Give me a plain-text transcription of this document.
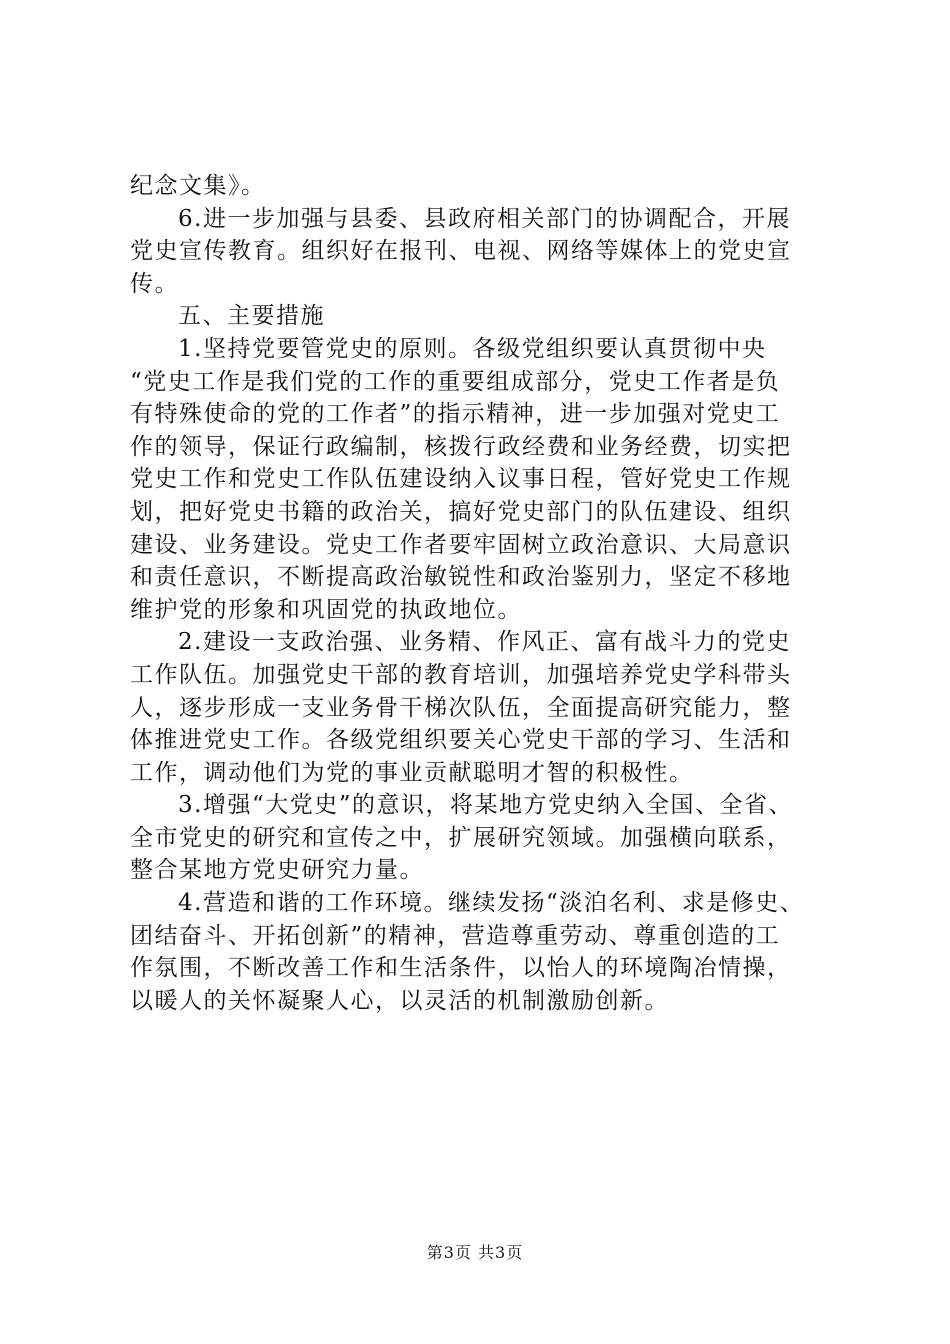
纪念文集》。
6.进一步加强与县委、县政府相关部门的协调配合，开展
党史宣传教育。组织好在报刊、电视、网络等媒体上的党史宣
传。
五、主要措施
1.坚持党要管党史的原则。各级党组织要认真贯彻中央
“党史工作是我们党的工作的重要组成部分，党史工作者是负
有特殊使命的党的工作者”的指示精神，进一步加强对党史工
作的领导，保证行政编制，核拨行政经费和业务经费，切实把
党史工作和党史工作队伍建设纳入议事日程，管好党史工作规
划，把好党史书籍的政治关，搞好党史部门的队伍建设、组织
建设、业务建设。党史工作者要牢固树立政治意识、大局意识
和责任意识，不断提高政治敏锐性和政治鉴别力，坚定不移地
维护党的形象和巩固党的执政地位。
2.建设一支政治强、业务精、作风正、富有战斗力的党史
工作队伍。加强党史干部的教育培训，加强培养党史学科带头
人，逐步形成一支业务骨干梯次队伍，全面提高研究能力，整
体推进党史工作。各级党组织要关心党史干部的学习、生活和
工作，调动他们为党的事业贡献聪明才智的积极性。
3.增强“大党史”的意识，将某地方党史纳入全国、全省、
全市党史的研究和宣传之中，扩展研究领域。加强横向联系，
整合某地方党史研究力量。
4.营造和谐的工作环境。继续发扬“淡泊名利、求是修史、
团结奋斗、开拓创新”的精神，营造尊重劳动、尊重创造的工
作氛围，不断改善工作和生活条件，以怡人的环境陶冶情操，
以暖人的关怀凝聚人心，以灵活的机制激励创新。
第3页 共3页
